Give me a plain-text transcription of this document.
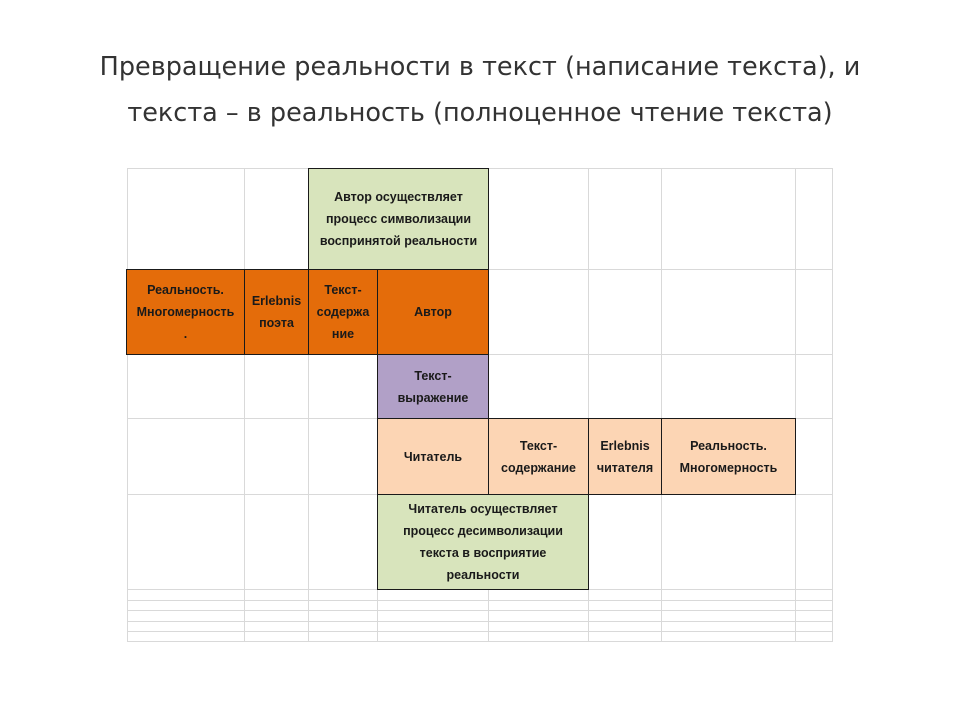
Превращение реальности в текст (написание текста), и
текста – в реальность (полноценное чтение текста)
Автор осуществляет
процесс символизации
воспринятой реальности
Реальность.
Многомерность
.
Erlebnis
поэта
Текст-
содержа
ние
Автор
Текст-
выражение
Читатель
Текст-
содержание
Erlebnis
читателя
Реальность.
Многомерность
Читатель осуществляет
процесс десимволизации
текста в восприятие
реальности
